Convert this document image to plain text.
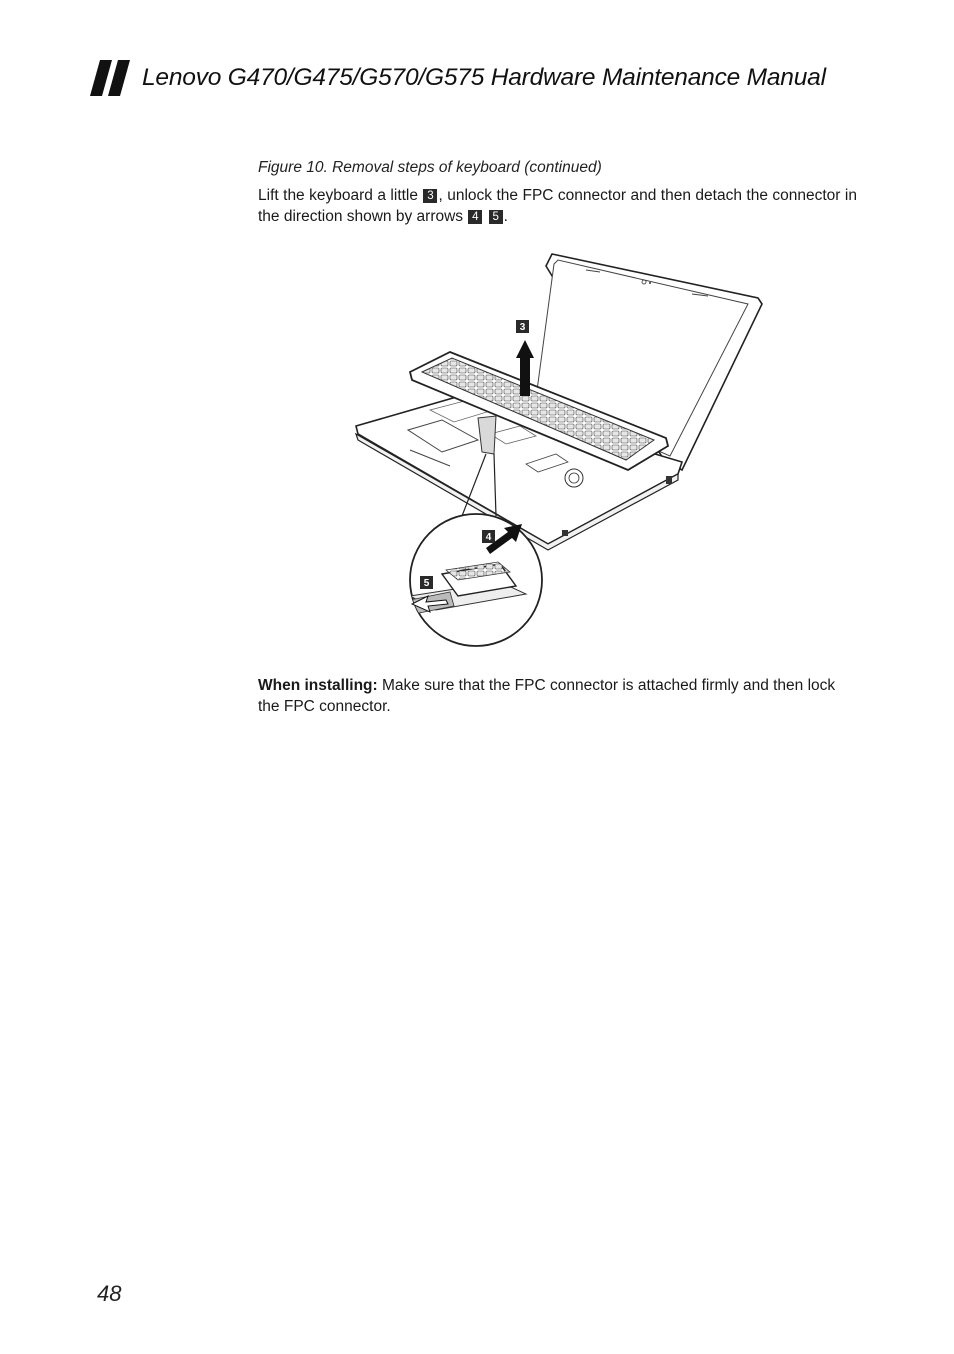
Lenovo G470/G475/G570/G575 Hardware Maintenance Manual
Figure 10. Removal steps of keyboard (continued)
Lift the keyboard a little 3 , unlock the FPC connector and then detach the connector in the direction shown by arrows 4 5 .
3
4
5
When installing: Make sure that the FPC connector is attached firmly and then lock the FPC connector.
48
